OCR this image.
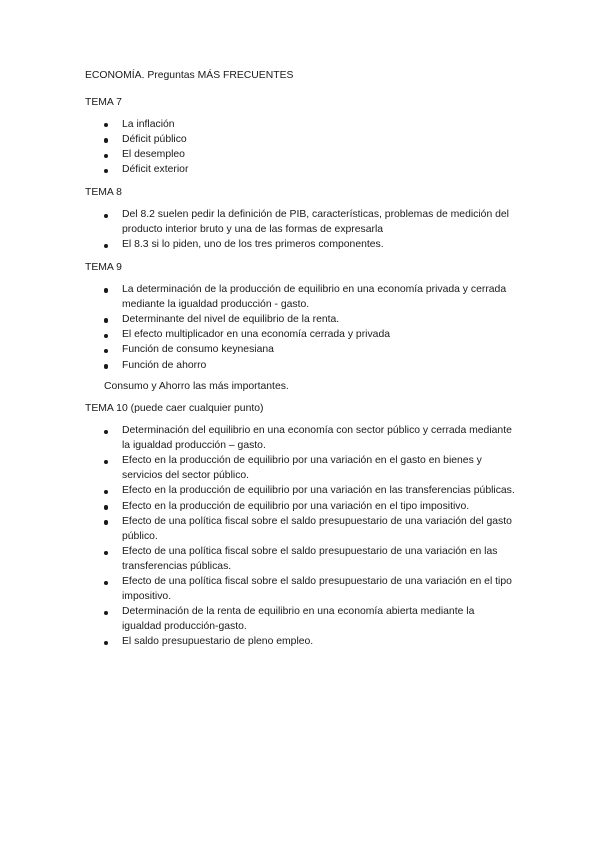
ECONOMÍA. Preguntas MÁS FRECUENTES

TEMA 7

La inflación
Déficit público
El desempleo
Déficit exterior

TEMA 8

Del 8.2 suelen pedir la definición de PIB, características, problemas de medición del producto interior bruto y una de las formas de expresarla
El 8.3 si lo piden, uno de los tres primeros componentes.

TEMA 9

La determinación de la producción de equilibrio en una economía privada y cerrada mediante la igualdad producción - gasto.
Determinante del nivel de equilibrio de la renta.
El efecto multiplicador en una economía cerrada y privada
Función de consumo keynesiana
Función de ahorro

Consumo y Ahorro las más importantes.

TEMA 10 (puede caer cualquier punto)

Determinación del equilibrio en una economía con sector público y cerrada mediante la igualdad producción – gasto.
Efecto en la producción de equilibrio por una variación en el gasto en bienes y servicios del sector público.
Efecto en la producción de equilibrio por una variación en las transferencias públicas.
Efecto en la producción de equilibrio por una variación en el tipo impositivo.
Efecto de una política fiscal sobre el saldo presupuestario de una variación del gasto público.
Efecto de una política fiscal sobre el saldo presupuestario de una variación en las transferencias públicas.
Efecto de una política fiscal sobre el saldo presupuestario de una variación en el tipo impositivo.
Determinación de la renta de equilibrio en una economía abierta mediante la igualdad producción-gasto.
El saldo presupuestario de pleno empleo.
